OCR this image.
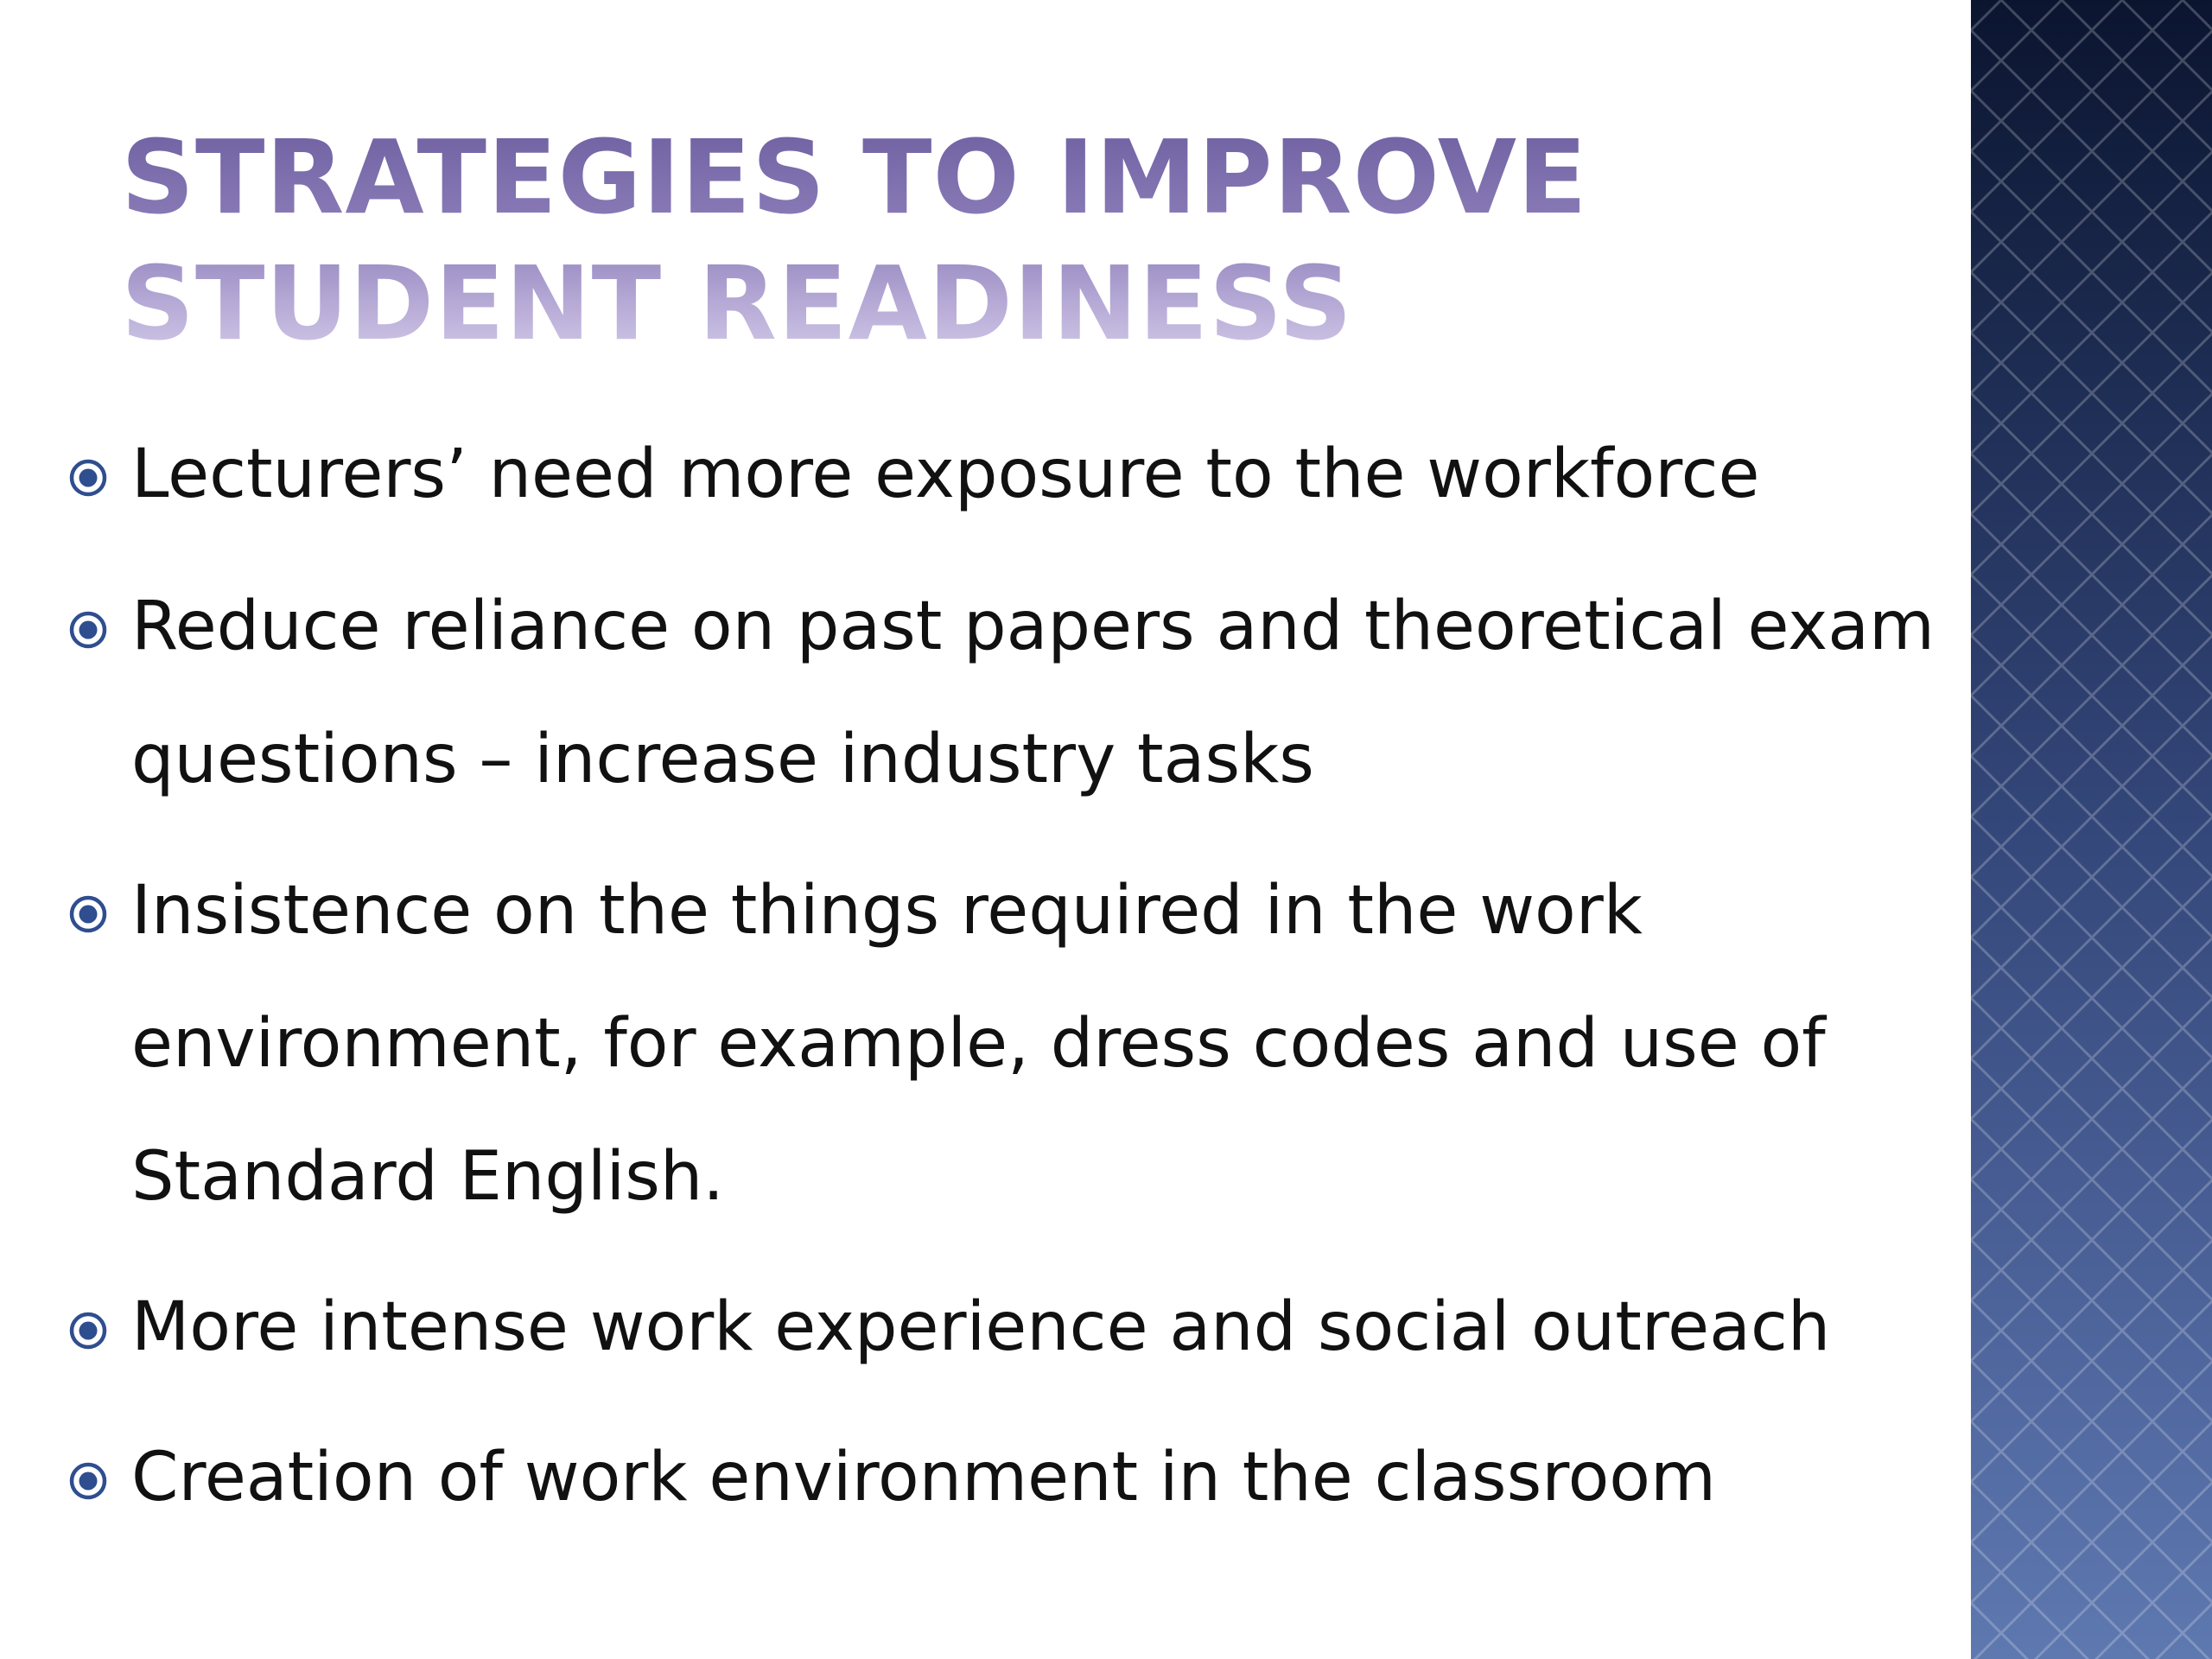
STRATEGIES TO IMPROVE STUDENT READINESS
Lecturers’ need more exposure to the workforce
Reduce reliance on past papers and theoretical exam questions – increase industry tasks
Insistence on the things required in the work environment, for example, dress codes and use of Standard English.
More intense work experience and social outreach
Creation of work environment in the classroom
